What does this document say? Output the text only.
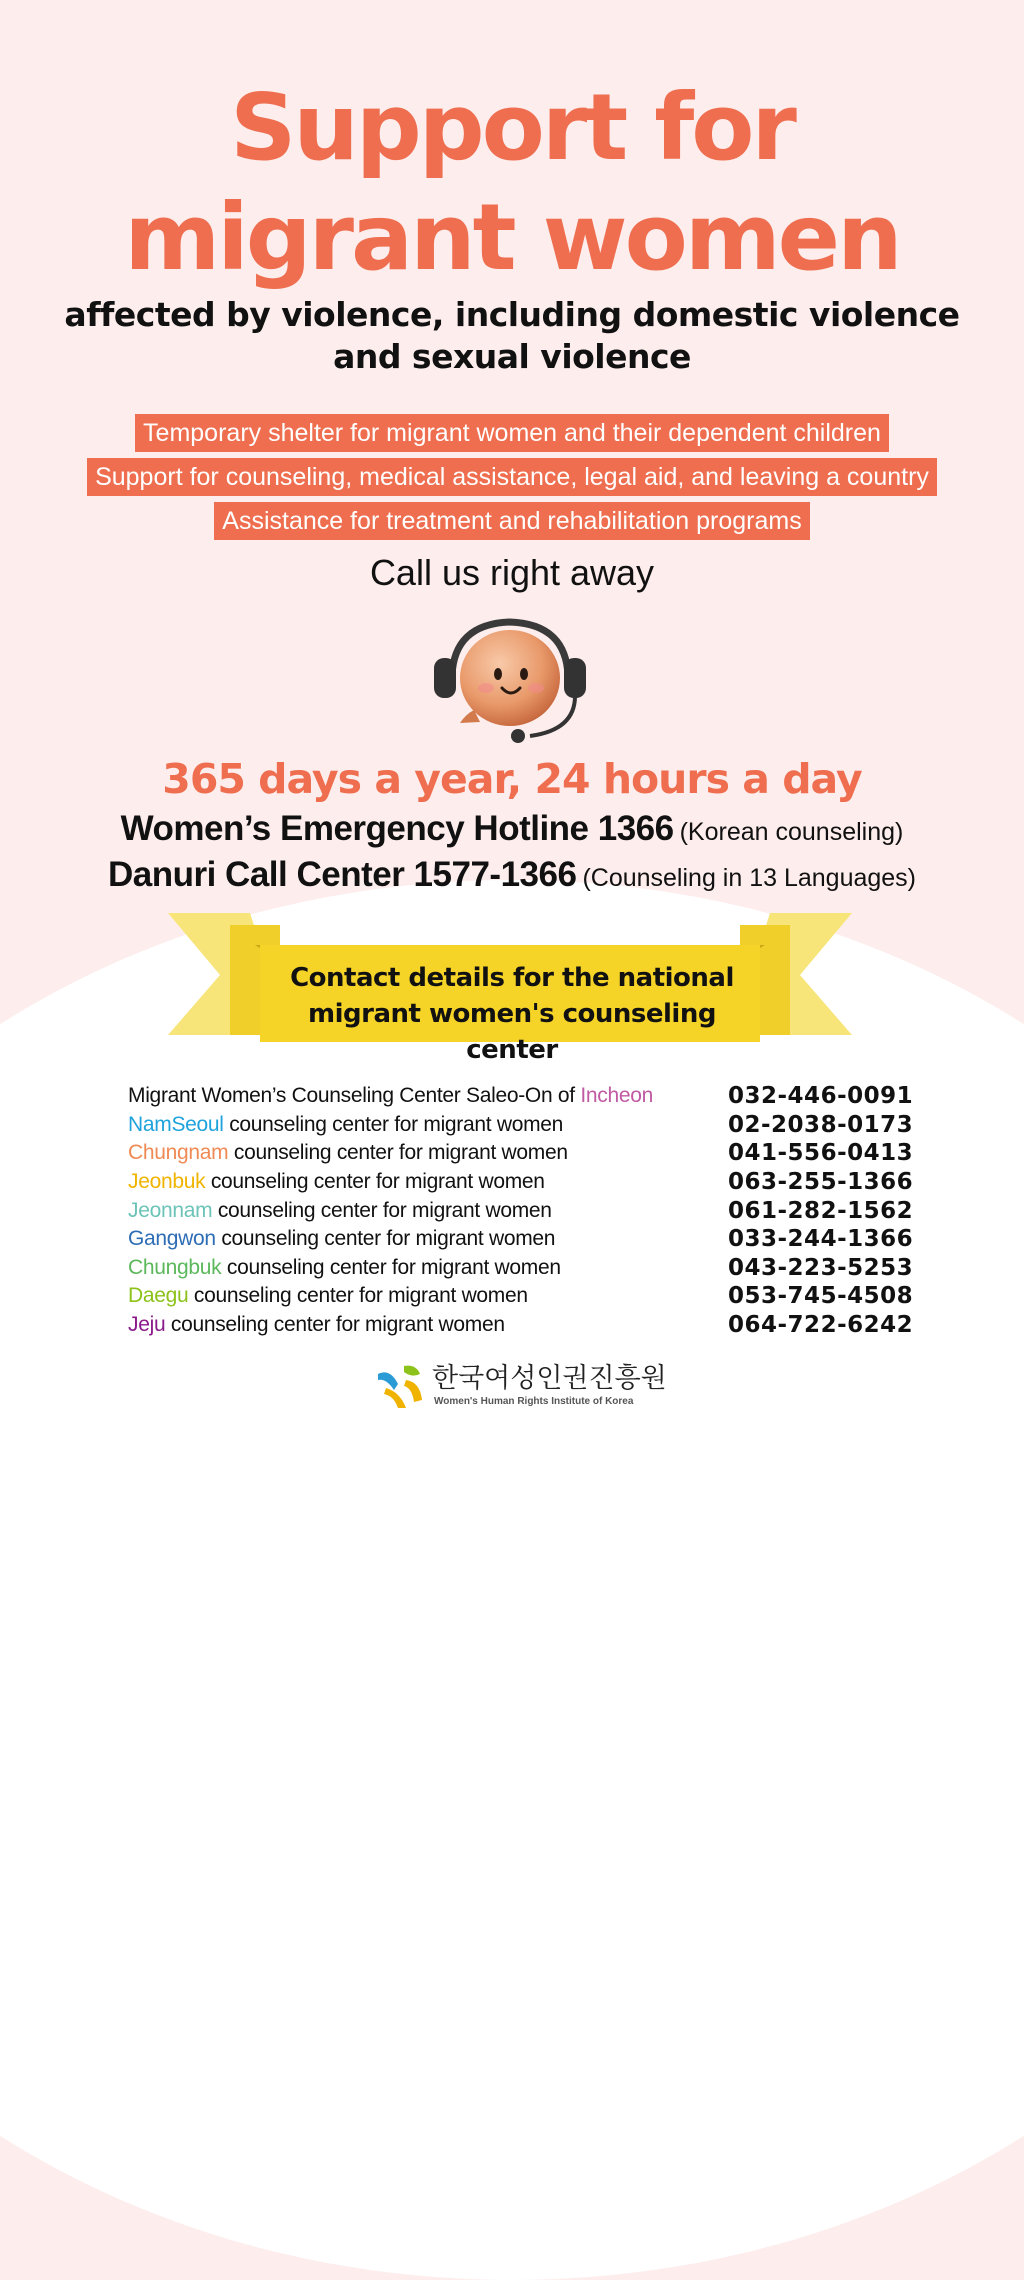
Support for
migrant women
affected by violence, including domestic violence and sexual violence
Temporary shelter for migrant women and their dependent children
Support for counseling, medical assistance, legal aid, and leaving a country
Assistance for treatment and rehabilitation programs
Call us right away
365 days a year, 24 hours a day
Women’s Emergency Hotline 1366 (Korean counseling)
Danuri Call Center 1577-1366 (Counseling in 13 Languages)
Contact details for the national
migrant women's counseling center
Migrant Women’s Counseling Center Saleo-On of Incheon	032-446-0091
NamSeoul counseling center for migrant women	02-2038-0173
Chungnam counseling center for migrant women	041-556-0413
Jeonbuk counseling center for migrant women	063-255-1366
Jeonnam counseling center for migrant women	061-282-1562
Gangwon counseling center for migrant women	033-244-1366
Chungbuk counseling center for migrant women	043-223-5253
Daegu counseling center for migrant women	053-745-4508
Jeju counseling center for migrant women	064-722-6242
한국여성인권진흥원
Women's Human Rights Institute of Korea
